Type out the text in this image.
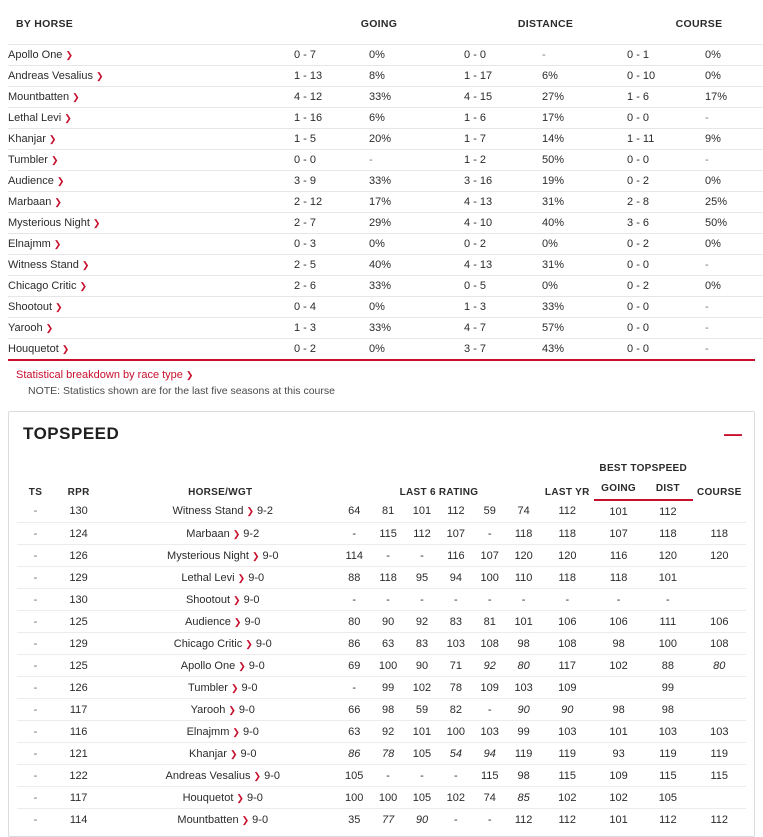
BY HORSE	GOING		DISTANCE		COURSE	
Apollo One ❯	0 - 7	0%	0 - 0	-	0 - 1	0%
Andreas Vesalius ❯	1 - 13	8%	1 - 17	6%	0 - 10	0%
Mountbatten ❯	4 - 12	33%	4 - 15	27%	1 - 6	17%
Lethal Levi ❯	1 - 16	6%	1 - 6	17%	0 - 0	-
Khanjar ❯	1 - 5	20%	1 - 7	14%	1 - 11	9%
Tumbler ❯	0 - 0	-	1 - 2	50%	0 - 0	-
Audience ❯	3 - 9	33%	3 - 16	19%	0 - 2	0%
Marbaan ❯	2 - 12	17%	4 - 13	31%	2 - 8	25%
Mysterious Night ❯	2 - 7	29%	4 - 10	40%	3 - 6	50%
Elnajmm ❯	0 - 3	0%	0 - 2	0%	0 - 2	0%
Witness Stand ❯	2 - 5	40%	4 - 13	31%	0 - 0	-
Chicago Critic ❯	2 - 6	33%	0 - 5	0%	0 - 2	0%
Shootout ❯	0 - 4	0%	1 - 3	33%	0 - 0	-
Yarooh ❯	1 - 3	33%	4 - 7	57%	0 - 0	-
Houquetot ❯	0 - 2	0%	3 - 7	43%	0 - 0	-
Statistical breakdown by race type ❯
NOTE: Statistics shown are for the last five seasons at this course
TOPSPEED	—
TS	RPR	HORSE/WGT	LAST 6 RATING						LAST YR	BEST TOPSPEED		COURSE
										GOING	DIST	
-	130	Witness Stand ❯ 9-2	64	81	101	112	59	74	112	101	112	
-	124	Marbaan ❯ 9-2	-	115	112	107	-	118	118	107	118	118
-	126	Mysterious Night ❯ 9-0	114	-	-	116	107	120	120	116	120	120
-	129	Lethal Levi ❯ 9-0	88	118	95	94	100	110	118	118	101	
-	130	Shootout ❯ 9-0	-	-	-	-	-	-	-	-	-	
-	125	Audience ❯ 9-0	80	90	92	83	81	101	106	106	111	106
-	129	Chicago Critic ❯ 9-0	86	63	83	103	108	98	108	98	100	108
-	125	Apollo One ❯ 9-0	69	100	90	71	92	80	117	102	88	80
-	126	Tumbler ❯ 9-0	-	99	102	78	109	103	109		99	
-	117	Yarooh ❯ 9-0	66	98	59	82	-	90	90	98	98	
-	116	Elnajmm ❯ 9-0	63	92	101	100	103	99	103	101	103	103
-	121	Khanjar ❯ 9-0	86	78	105	54	94	119	119	93	119	119
-	122	Andreas Vesalius ❯ 9-0	105	-	-	-	115	98	115	109	115	115
-	117	Houquetot ❯ 9-0	100	100	105	102	74	85	102	102	105	
-	114	Mountbatten ❯ 9-0	35	77	90	-	-	112	112	101	112	112
